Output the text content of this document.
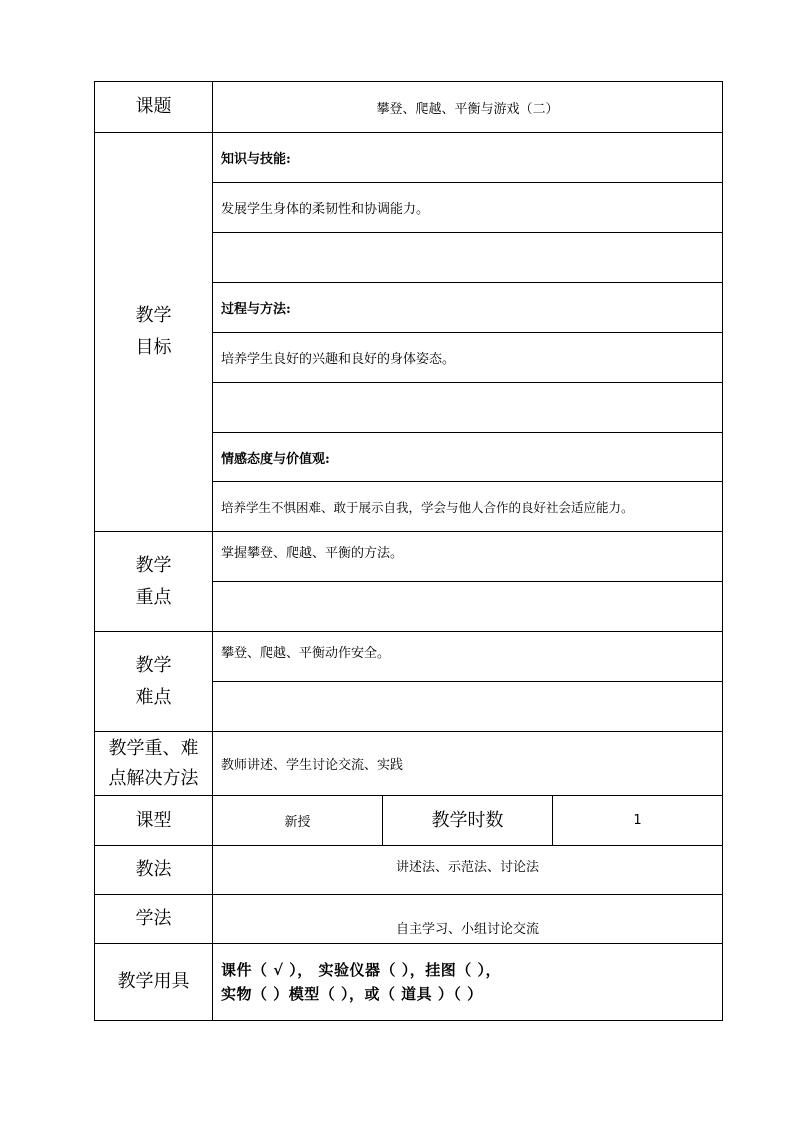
课题	攀登、爬越、平衡与游戏（二）		

教学
目标	知识与技能:		
	发展学生身体的柔韧性和协调能力。		

	过程与方法:		
	培养学生良好的兴趣和良好的身体姿态。		

	情感态度与价值观:		
	培养学生不惧困难、敢于展示自我，学会与他人合作的良好社会适应能力。		

教学
重点	掌握攀登、爬越、平衡的方法。		

教学
难点	攀登、爬越、平衡动作安全。		

教学重、难
点解决方法	教师讲述、学生讨论交流、实践		
课型	新授	教学时数	1
教法	讲述法、示范法、讨论法		
学法	自主学习、小组讨论交流		
教学用具	课件（ √ ）， 实验仪器（ ），挂图（ ），
实物（ ）模型（ ），或（ 道具 ）（ ）		
